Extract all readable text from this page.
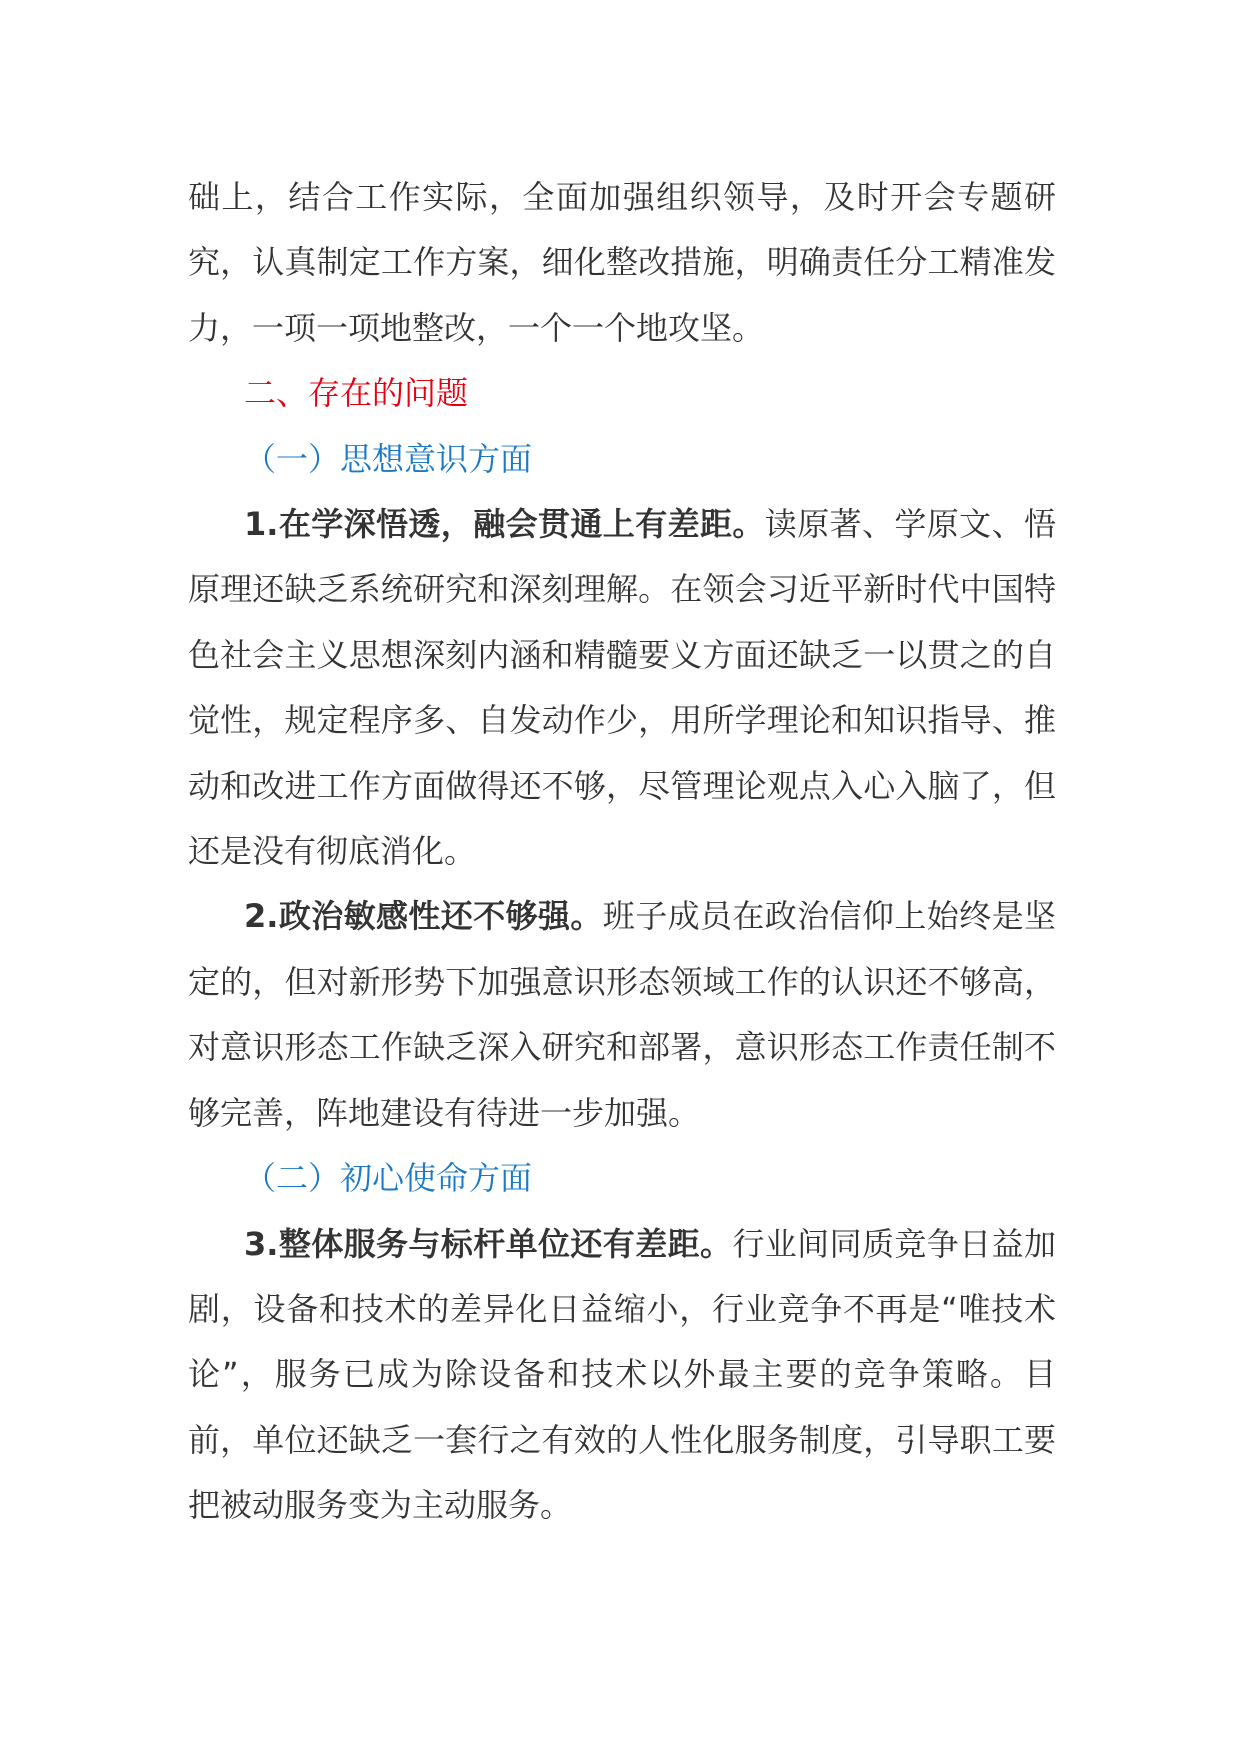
础上，结合工作实际，全面加强组织领导，及时开会专题研究，认真制定工作方案，细化整改措施，明确责任分工精准发力，一项一项地整改，一个一个地攻坚。

二、存在的问题

（一）思想意识方面

1.在学深悟透，融会贯通上有差距。读原著、学原文、悟原理还缺乏系统研究和深刻理解。在领会习近平新时代中国特色社会主义思想深刻内涵和精髓要义方面还缺乏一以贯之的自觉性，规定程序多、自发动作少，用所学理论和知识指导、推动和改进工作方面做得还不够，尽管理论观点入心入脑了，但还是没有彻底消化。

2.政治敏感性还不够强。班子成员在政治信仰上始终是坚定的，但对新形势下加强意识形态领域工作的认识还不够高，对意识形态工作缺乏深入研究和部署，意识形态工作责任制不够完善，阵地建设有待进一步加强。

（二）初心使命方面

3.整体服务与标杆单位还有差距。行业间同质竞争日益加剧，设备和技术的差异化日益缩小，行业竞争不再是“唯技术论”，服务已成为除设备和技术以外最主要的竞争策略。目前，单位还缺乏一套行之有效的人性化服务制度，引导职工要把被动服务变为主动服务。
